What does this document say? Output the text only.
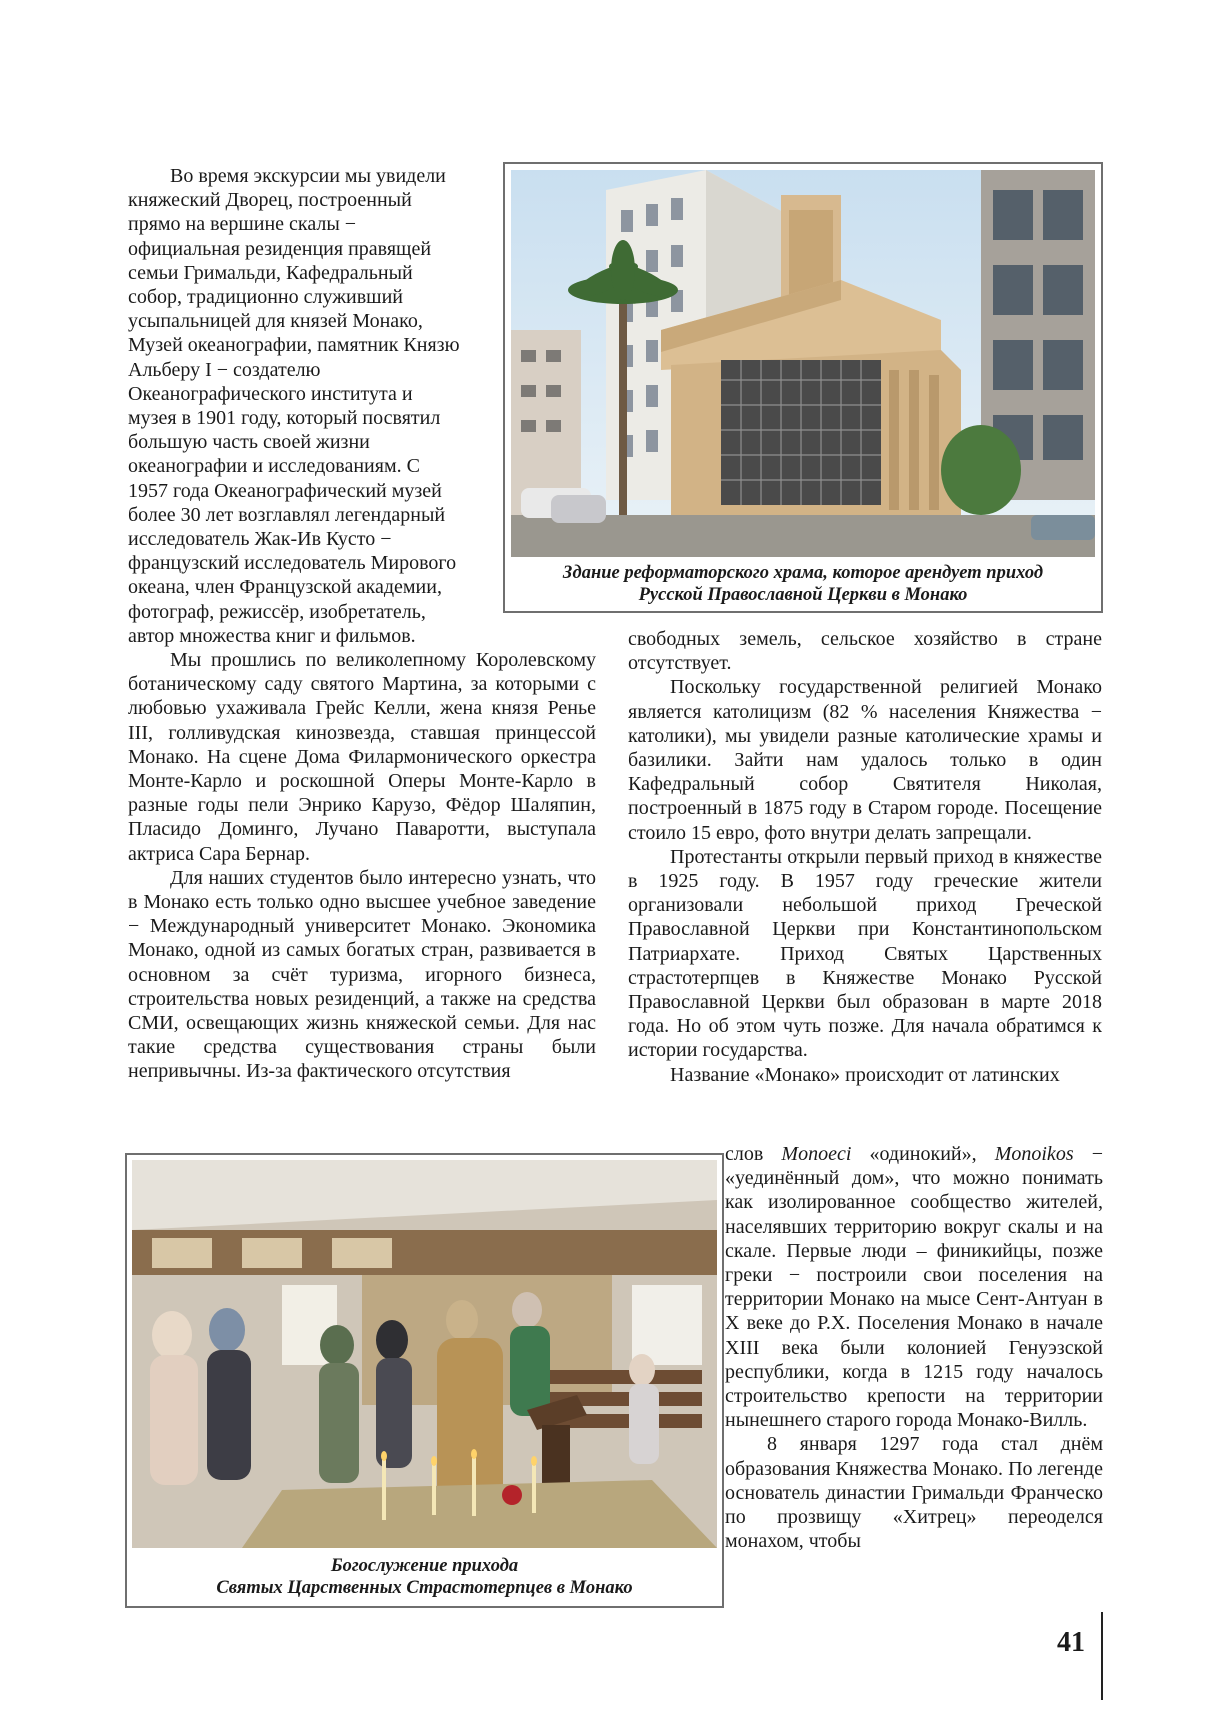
Во время экскурсии мы увидели
княжеский Дворец, построенный
прямо на вершине скалы −
официальная резиденция правящей
семьи Гримальди, Кафедральный
собор, традиционно служивший
усыпальницей для князей Монако,
Музей океанографии, памятник Князю
Альберу I − создателю
Океанографического института и
музея в 1901 году, который посвятил
большую часть своей жизни
океанографии и исследованиям. С
1957 года Океанографический музей
более 30 лет возглавлял легендарный
исследователь Жак-Ив Кусто −
французский исследователь Мирового
океана, член Французской академии,
фотограф, режиссёр, изобретатель,
автор множества книг и фильмов.
Здание реформаторского храма, которое арендует приход
Русской Православной Церкви в Монако

Мы прошлись по великолепному Королевскому ботаническому саду святого Мартина, за которыми с любовью ухаживала Грейс Келли, жена князя Ренье III, голливудская кинозвезда, ставшая принцессой Монако. На сцене Дома Филармонического оркестра Монте-Карло и роскошной Оперы Монте-Карло в разные годы пели Энрико Карузо, Фёдор Шаляпин, Пласидо Доминго, Лучано Паваротти, выступала актриса Сара Бернар.

Для наших студентов было интересно узнать, что в Монако есть только одно высшее учебное заведение − Международный университет Монако. Экономика Монако, одной из самых богатых стран, развивается в основном за счёт туризма, игорного бизнеса, строительства новых резиденций, а также на средства СМИ, освещающих жизнь княжеской семьи. Для нас такие средства существования страны были непривычны. Из-за фактического отсутствия

свободных земель, сельское хозяйство в стране отсутствует.

Поскольку государственной религией Монако является католицизм (82 % населения Княжества − католики), мы увидели разные католические храмы и базилики. Зайти нам удалось только в один Кафедральный собор Святителя Николая, построенный в 1875 году в Старом городе. Посещение стоило 15 евро, фото внутри делать запрещали.

Протестанты открыли первый приход в княжестве в 1925 году. В 1957 году греческие жители организовали небольшой приход Греческой Православной Церкви при Константинопольском Патриархате. Приход Святых Царственных страстотерпцев в Княжестве Монако Русской Православной Церкви был образован в марте 2018 года. Но об этом чуть позже. Для начала обратимся к истории государства.

Название «Монако» происходит от латинских

слов Monoeci «одинокий», Monoikos − «уединённый дом», что можно понимать как изолированное сообщество жителей, населявших территорию вокруг скалы и на скале. Первые люди – финикийцы, позже греки − построили свои поселения на территории Монако на мысе Сент-Антуан в X веке до Р.Х. Поселения Монако в начале XIII века были колонией Генуэзской республики, когда в 1215 году началось строительство крепости на территории нынешнего старого города Монако-Вилль.

8 января 1297 года стал днём образования Княжества Монако. По легенде основатель династии Гримальди Франческо по прозвищу «Хитрец» переоделся монахом, чтобы

Богослужение прихода
Святых Царственных Страстотерпцев в Монако
41
